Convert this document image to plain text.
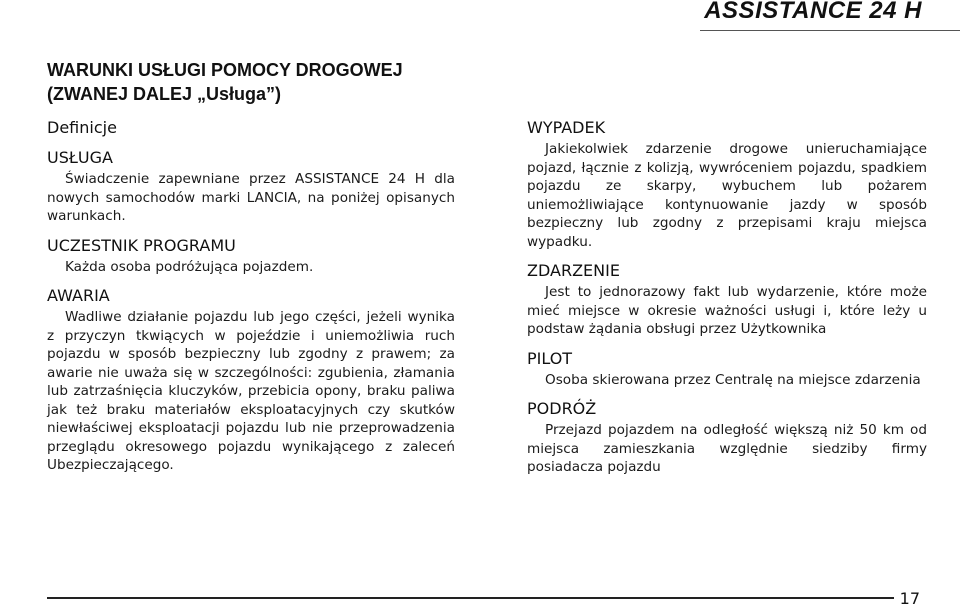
ASSISTANCE 24 H
WARUNKI USŁUGI POMOCY DROGOWEJ
(ZWANEJ DALEJ „Usługa”)
Definicje
USŁUGA

Świadczenie zapewniane przez ASSISTANCE 24 H dla nowych samochodów marki LANCIA, na poniżej opisanych warunkach.

UCZESTNIK PROGRAMU

Każda osoba podróżująca pojazdem.

AWARIA

Wadliwe działanie pojazdu lub jego części, jeżeli wynika z przyczyn tkwiących w pojeździe i uniemożliwia ruch pojazdu w sposób bezpieczny lub zgodny z prawem; za awarie nie uważa się w szczególności: zgubienia, złamania lub zatrzaśnięcia kluczyków, przebicia opony, braku paliwa jak też braku materiałów eksploatacyjnych czy skutków niewłaściwej eksploatacji pojazdu lub nie przeprowadzenia przeglądu okresowego pojazdu wynikającego z zaleceń Ubezpieczającego.

WYPADEK

Jakiekolwiek zdarzenie drogowe unieruchamiające pojazd, łącznie z kolizją, wywróceniem pojazdu, spadkiem pojazdu ze skarpy, wybuchem lub pożarem uniemożliwiające kontynuowanie jazdy w sposób bezpieczny lub zgodny z przepisami kraju miejsca wypadku.

ZDARZENIE

Jest to jednorazowy fakt lub wydarzenie, które może mieć miejsce w okresie ważności usługi i, które leży u podstaw żądania obsługi przez Użytkownika

PILOT

Osoba skierowana przez Centralę na miejsce zdarzenia

PODRÓŻ

Przejazd pojazdem na odległość większą niż 50 km od miejsca zamieszkania względnie siedziby firmy posiadacza pojazdu

17
